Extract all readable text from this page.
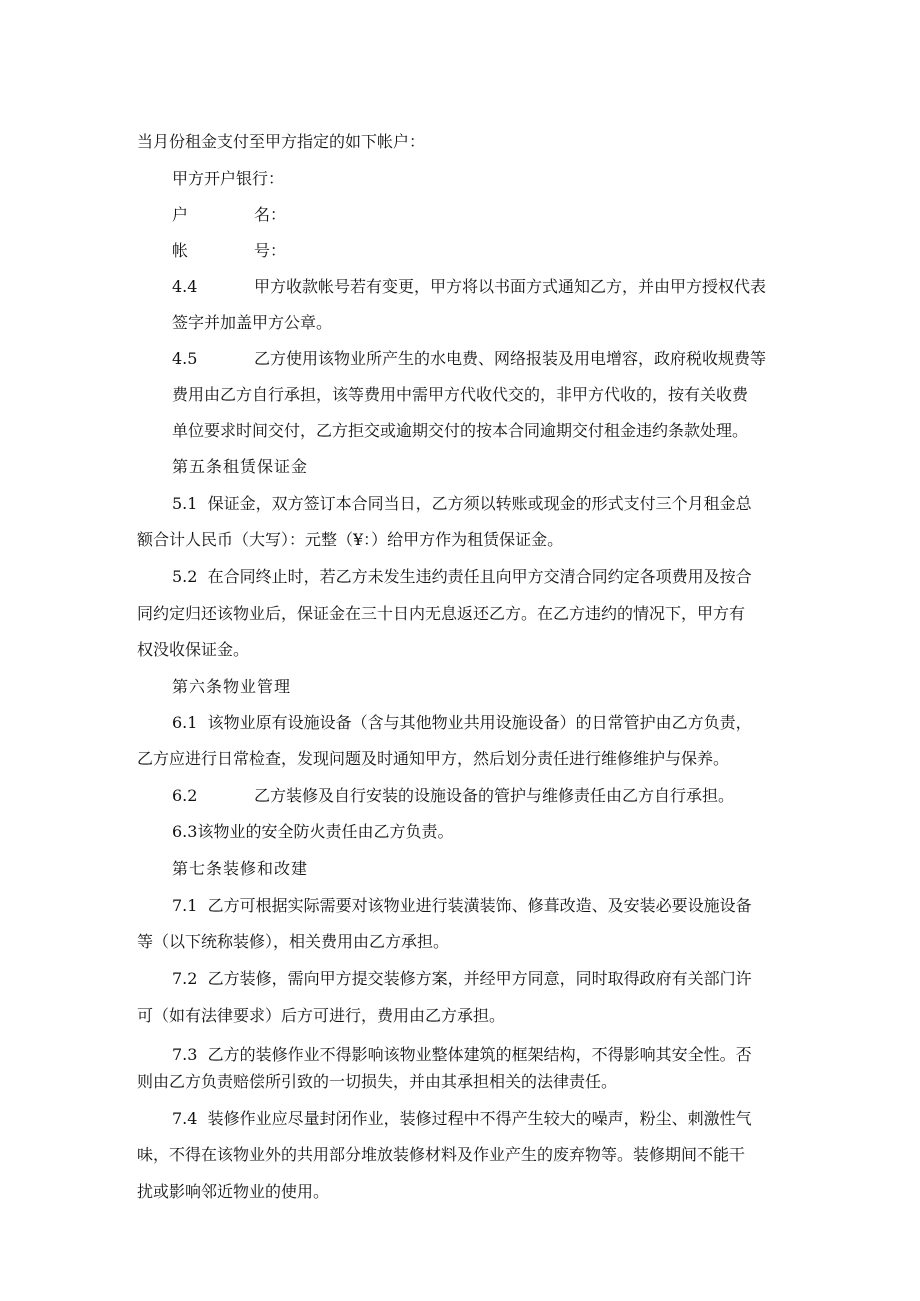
当月份租金支付至甲方指定的如下帐户：

甲方开户银行：

户	名：

帐	号：

4.4	甲方收款帐号若有变更，甲方将以书面方式通知乙方，并由甲方授权代表

签字并加盖甲方公章。

4.5	乙方使用该物业所产生的水电费、网络报装及用电增容，政府税收规费等

费用由乙方自行承担，该等费用中需甲方代收代交的，非甲方代收的，按有关收费

单位要求时间交付，乙方拒交或逾期交付的按本合同逾期交付租金违约条款处理。

第五条租赁保证金

5.1 保证金，双方签订本合同当日，乙方须以转账或现金的形式支付三个月租金总

额合计人民币（大写）：元整（¥：）给甲方作为租赁保证金。

5.2 在合同终止时，若乙方未发生违约责任且向甲方交清合同约定各项费用及按合

同约定归还该物业后，保证金在三十日内无息返还乙方。在乙方违约的情况下，甲方有

权没收保证金。

第六条物业管理

6.1 该物业原有设施设备（含与其他物业共用设施设备）的日常管护由乙方负责，

乙方应进行日常检查，发现问题及时通知甲方，然后划分责任进行维修维护与保养。

6.2	乙方装修及自行安装的设施设备的管护与维修责任由乙方自行承担。

6.3该物业的安全防火责任由乙方负责。

第七条装修和改建

7.1 乙方可根据实际需要对该物业进行装潢装饰、修葺改造、及安装必要设施设备

等（以下统称装修），相关费用由乙方承担。

7.2 乙方装修，需向甲方提交装修方案，并经甲方同意，同时取得政府有关部门许

可（如有法律要求）后方可进行，费用由乙方承担。

7.3 乙方的装修作业不得影响该物业整体建筑的框架结构，不得影响其安全性。否

则由乙方负责赔偿所引致的一切损失，并由其承担相关的法律责任。

7.4 装修作业应尽量封闭作业，装修过程中不得产生较大的噪声，粉尘、刺激性气

味，不得在该物业外的共用部分堆放装修材料及作业产生的废弃物等。装修期间不能干

扰或影响邻近物业的使用。
